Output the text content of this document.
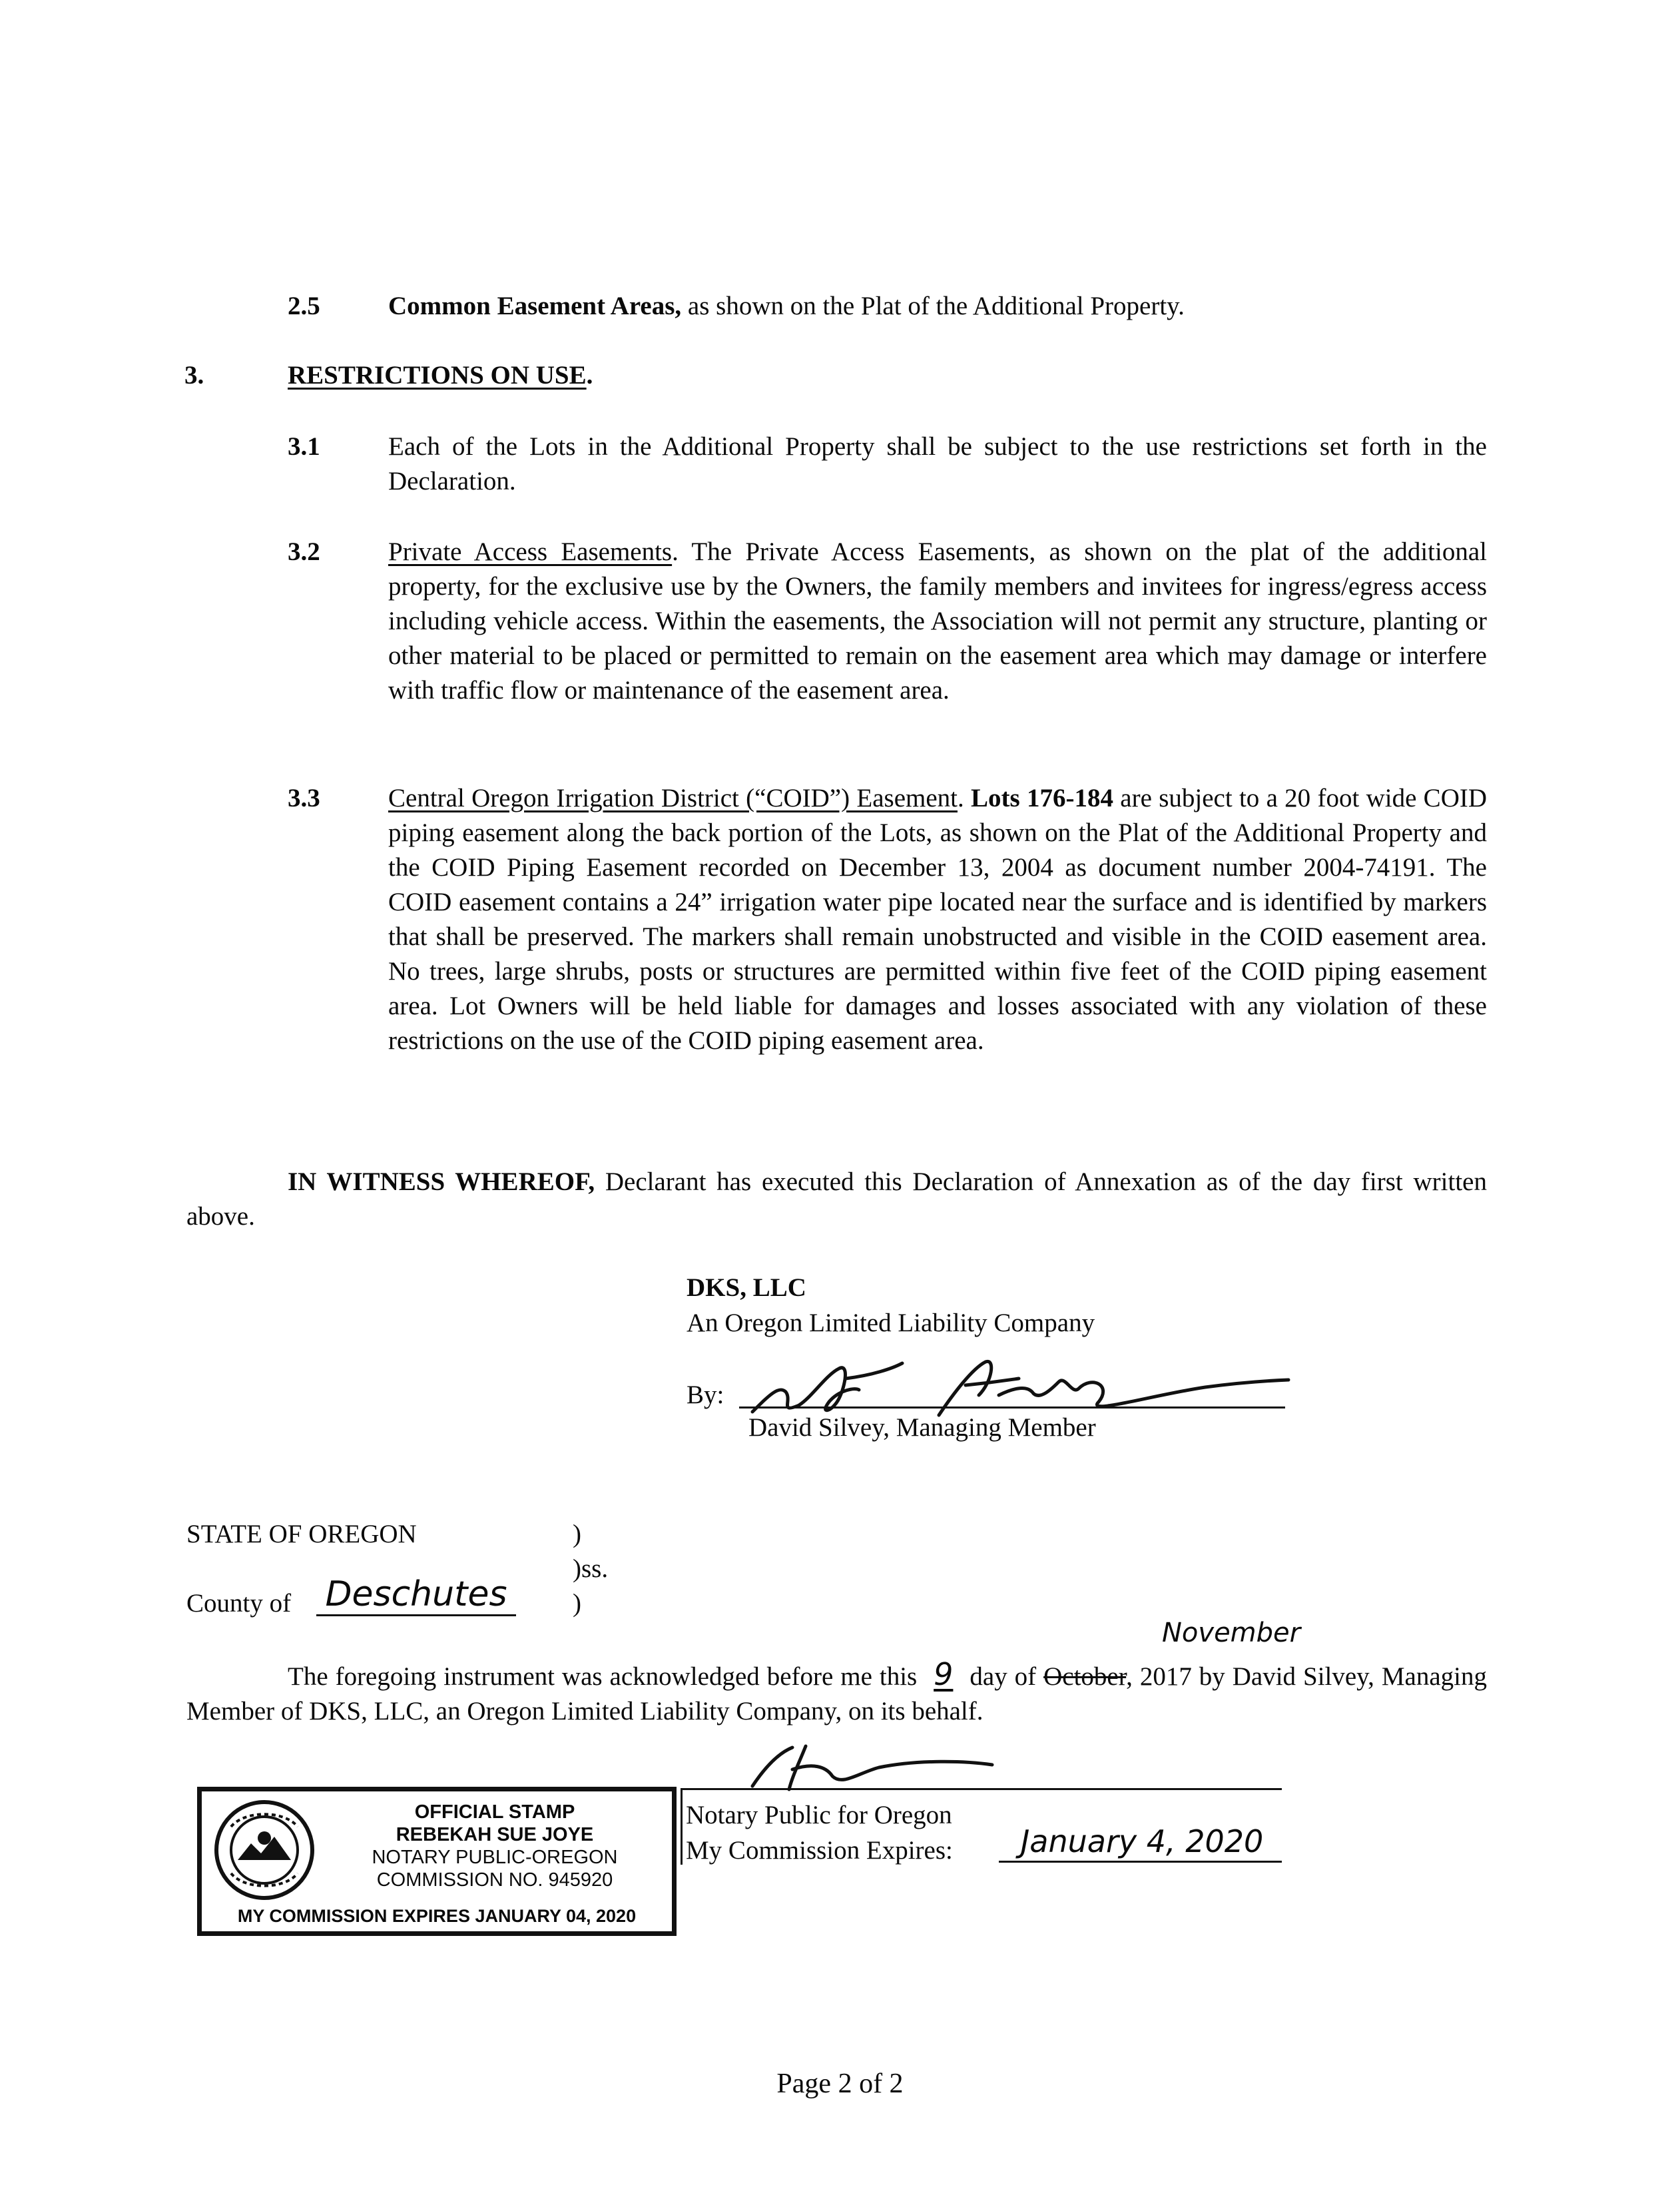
2.5	Common Easement Areas, as shown on the Plat of the Additional Property.
3.	RESTRICTIONS ON USE.
3.1	Each of the Lots in the Additional Property shall be subject to the use restrictions set forth in the Declaration.
3.2	Private Access Easements. The Private Access Easements, as shown on the plat of the additional property, for the exclusive use by the Owners, the family members and invitees for ingress/egress access including vehicle access. Within the easements, the Association will not permit any structure, planting or other material to be placed or permitted to remain on the easement area which may damage or interfere with traffic flow or maintenance of the easement area.
3.3	Central Oregon Irrigation District (“COID”) Easement. Lots 176-184 are subject to a 20 foot wide COID piping easement along the back portion of the Lots, as shown on the Plat of the Additional Property and the COID Piping Easement recorded on December 13, 2004 as document number 2004-74191. The COID easement contains a 24” irrigation water pipe located near the surface and is identified by markers that shall be preserved. The markers shall remain unobstructed and visible in the COID easement area. No trees, large shrubs, posts or structures are permitted within five feet of the COID piping easement area. Lot Owners will be held liable for damages and losses associated with any violation of these restrictions on the use of the COID piping easement area.
IN WITNESS WHEREOF, Declarant has executed this Declaration of Annexation as of the day first written above.
DKS, LLC
An Oregon Limited Liability Company
By:
David Silvey, Managing Member
STATE OF OREGON	)
)ss.
County of Deschutes	)
November
The foregoing instrument was acknowledged before me this 9 day of October, 2017 by David Silvey, Managing Member of DKS, LLC, an Oregon Limited Liability Company, on its behalf.
OFFICIAL STAMP
REBEKAH SUE JOYE
NOTARY PUBLIC-OREGON
COMMISSION NO. 945920
MY COMMISSION EXPIRES JANUARY 04, 2020
Notary Public for Oregon
My Commission Expires:	January 4, 2020
Page 2 of 2
